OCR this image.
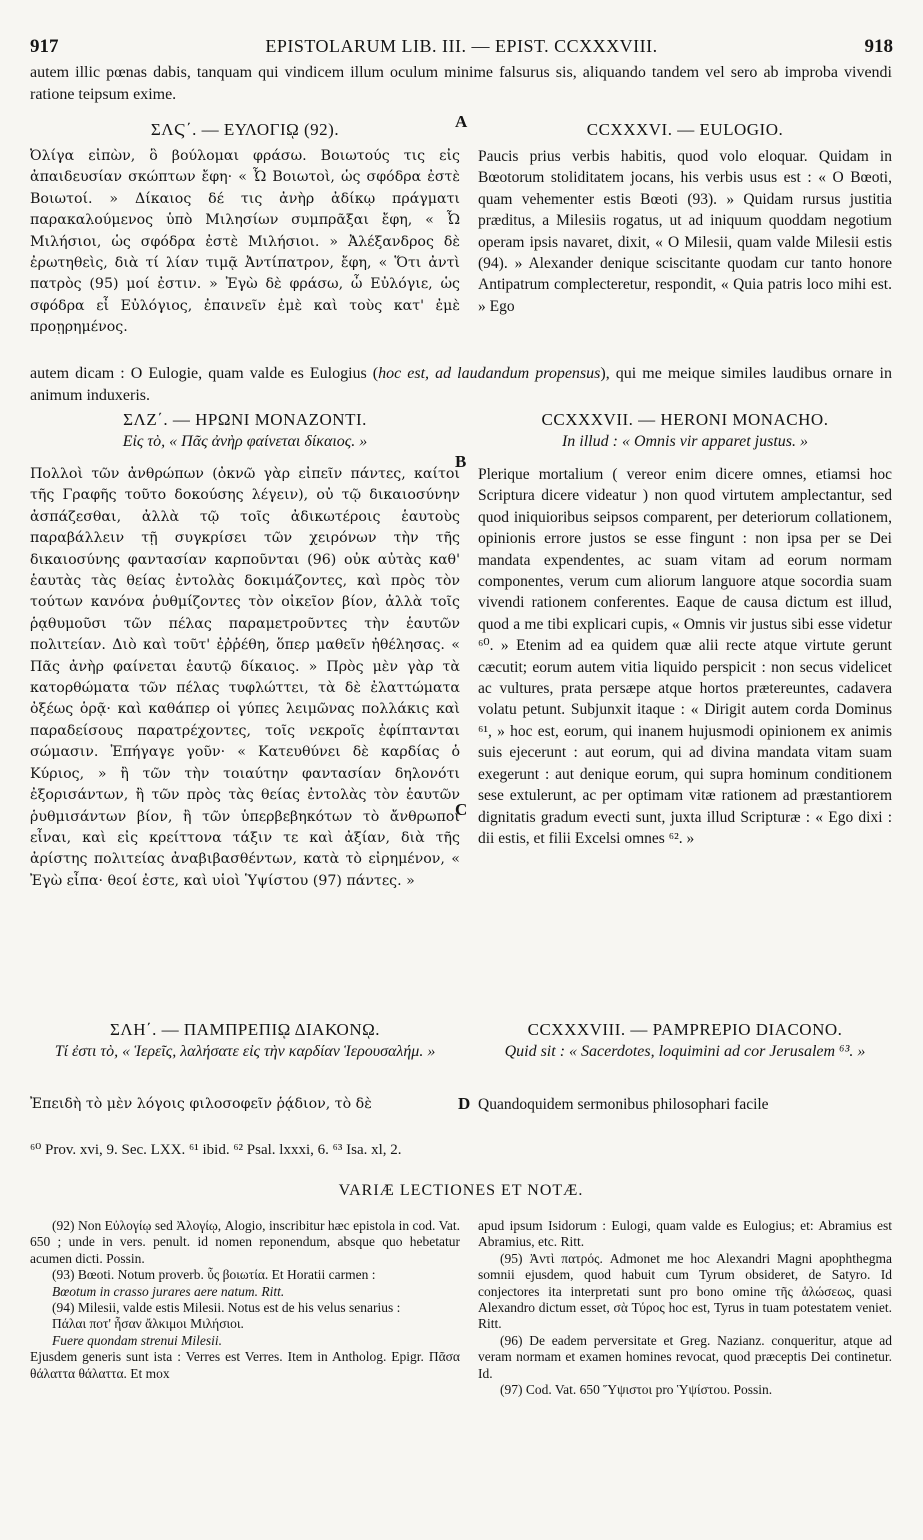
917	EPISTOLARUM LIB. III. — EPIST. CCXXXVIII.	918
autem illic pœnas dabis, tanquam qui vindicem illum oculum minime falsurus sis, aliquando tandem vel sero ab improba vivendi ratione teipsum exime.
ΣΛϚ΄. — ΕΥΛΟΓΙῼ (92).	CCXXXVI. — EULOGIO.
A
Ὀλίγα εἰπὼν, ὃ βούλομαι φράσω. Βοιωτούς τις εἰς ἀπαιδευσίαν σκώπτων ἔφη· « Ὦ Βοιωτοὶ, ὡς σφόδρα ἐστὲ Βοιωτοί. » Δίκαιος δέ τις ἀνὴρ ἀδίκῳ πράγματι παρακαλούμενος ὑπὸ Μιλησίων συμπρᾶξαι ἔφη, « Ὦ Μιλήσιοι, ὡς σφόδρα ἐστὲ Μιλήσιοι. » Ἀλέξανδρος δὲ ἐρωτηθεὶς, διὰ τί λίαν τιμᾷ Ἀντίπατρον, ἔφη, « Ὅτι ἀντὶ πατρὸς (95) μοί ἐστιν. » Ἐγὼ δὲ φράσω, ὦ Εὐλόγιε, ὡς σφόδρα εἶ Εὐλόγιος, ἐπαινεῖν ἐμὲ καὶ τοὺς κατ' ἐμὲ προῃρημένος.
Paucis prius verbis habitis, quod volo eloquar. Quidam in Bœotorum stoliditatem jocans, his verbis usus est : « O Bœoti, quam vehementer estis Bœoti (93). » Quidam rursus justitia præditus, a Milesiis rogatus, ut ad iniquum quoddam negotium operam ipsis navaret, dixit, « O Milesii, quam valde Milesii estis (94). » Alexander denique sciscitante quodam cur tanto honore Antipatrum complecteretur, respondit, « Quia patris loco mihi est. » Ego
autem dicam : O Eulogie, quam valde es Eulogius (hoc est, ad laudandum propensus), qui me meique similes laudibus ornare in animum induxeris.
ΣΛΖ΄. — ΗΡΩΝΙ ΜΟΝΑΖΟΝΤΙ.
Εἰς τὸ, « Πᾶς ἀνὴρ φαίνεται δίκαιος. »
CCXXXVII. — HERONI MONACHO.
In illud : « Omnis vir apparet justus. »
B
Πολλοὶ τῶν ἀνθρώπων (ὀκνῶ γὰρ εἰπεῖν πάντες, καίτοι τῆς Γραφῆς τοῦτο δοκούσης λέγειν), οὐ τῷ δικαιοσύνην ἀσπάζεσθαι, ἀλλὰ τῷ τοῖς ἀδικωτέροις ἑαυτοὺς παραβάλλειν τῇ συγκρίσει τῶν χειρόνων τὴν τῆς δικαιοσύνης φαντασίαν καρποῦνται (96) οὐκ αὐτὰς καθ' ἑαυτὰς τὰς θείας ἐντολὰς δοκιμάζοντες, καὶ πρὸς τὸν τούτων κανόνα ῥυθμίζοντες τὸν οἰκεῖον βίον, ἀλλὰ τοῖς ῥᾳθυμοῦσι τῶν πέλας παραμετροῦντες τὴν ἑαυτῶν πολιτείαν. Διὸ καὶ τοῦτ' ἐῤῥέθη, ὅπερ μαθεῖν ἠθέλησας. « Πᾶς ἀνὴρ φαίνεται ἑαυτῷ δίκαιος. » Πρὸς μὲν γὰρ τὰ κατορθώματα τῶν πέλας τυφλώττει, τὰ δὲ ἐλαττώματα ὀξέως ὁρᾷ· καὶ καθάπερ οἱ γύπες λειμῶνας πολλάκις καὶ παραδείσους παρατρέχοντες, τοῖς νεκροῖς ἐφίπτανται σώμασιν. Ἐπήγαγε γοῦν· « Κατευθύνει δὲ καρδίας ὁ Κύριος, » ἢ τῶν τὴν τοιαύτην φαντασίαν δηλονότι ἐξορισάντων, ἢ τῶν πρὸς τὰς θείας ἐντολὰς τὸν ἑαυτῶν ῥυθμισάντων βίον, ἢ τῶν ὑπερβεβηκότων τὸ ἄνθρωποι εἶναι, καὶ εἰς κρείττονα τάξιν τε καὶ ἀξίαν, διὰ τῆς ἀρίστης πολιτείας ἀναβιβασθέντων, κατὰ τὸ εἰρημένον, « Ἐγὼ εἶπα· θεοί ἐστε, καὶ υἱοὶ Ὑψίστου (97) πάντες. »
Plerique mortalium ( vereor enim dicere omnes, etiamsi hoc Scriptura dicere videatur ) non quod virtutem amplectantur, sed quod iniquioribus seipsos comparent, per deteriorum collationem, opinionis errore justos se esse fingunt : non ipsa per se Dei mandata expendentes, ac suam vitam ad eorum normam componentes, verum cum aliorum languore atque socordia suam vivendi rationem conferentes. Eaque de causa dictum est illud, quod a me tibi explicari cupis, « Omnis vir justus sibi esse videtur ⁶⁰. » Etenim ad ea quidem quæ alii recte atque virtute gerunt cæcutit; eorum autem vitia liquido perspicit : non secus videlicet ac vultures, prata persæpe atque hortos prætereuntes, cadavera volatu petunt. Subjunxit itaque : « Dirigit autem corda Dominus ⁶¹, » hoc est, eorum, qui inanem hujusmodi opinionem ex animis suis ejecerunt : aut eorum, qui ad divina mandata vitam suam exegerunt : aut denique eorum, qui supra hominum conditionem sese extulerunt, ac per optimam vitæ rationem ad præstantiorem dignitatis gradum evecti sunt, juxta illud Scripturæ : « Ego dixi : dii estis, et filii Excelsi omnes ⁶². »
C
ΣΛΗ΄. — ΠΑΜΠΡΕΠΙῼ ΔΙΑΚΟΝῼ.
Τί ἐστι τὸ, « Ἱερεῖς, λαλήσατε εἰς τὴν καρδίαν Ἱερουσαλήμ. »
CCXXXVIII. — PAMPREPIO DIACONO.
Quid sit : « Sacerdotes, loquimini ad cor Jerusalem ⁶³. »
Ἐπειδὴ τὸ μὲν λόγοις φιλοσοφεῖν ῥᾴδιον, τὸ δὲ	D Quandoquidem sermonibus philosophari facile
⁶⁰ Prov. xvi, 9. Sec. LXX. ⁶¹ ibid. ⁶² Psal. lxxxi, 6. ⁶³ Isa. xl, 2.
VARIÆ LECTIONES ET NOTÆ.

(92) Non Εὐλογίῳ sed Ἀλογίῳ, Alogio, inscribitur hæc epistola in cod. Vat. 650 ; unde in vers. penult. id nomen reponendum, absque quo hebetatur acumen dicti. Possin.

(93) Bœoti. Notum proverb. ὗς βοιωτία. Et Horatii carmen :

Bœotum in crasso jurares aere natum. Ritt.

(94) Milesii, valde estis Milesii. Notus est de his velus senarius :

Πάλαι ποτ' ἦσαν ἄλκιμοι Μιλήσιοι.

Fuere quondam strenui Milesii.

Ejusdem generis sunt ista : Verres est Verres. Item in Antholog. Epigr. Πᾶσα θάλαττα θάλαττα. Et mox

apud ipsum Isidorum : Eulogi, quam valde es Eulogius; et: Abramius est Abramius, etc. Ritt.

(95) Ἀντὶ πατρός. Admonet me hoc Alexandri Magni apophthegma somnii ejusdem, quod habuit cum Tyrum obsideret, de Satyro. Id conjectores ita interpretati sunt pro bono omine τῆς ἁλώσεως, quasi Alexandro dictum esset, σὰ Τύρος hoc est, Tyrus in tuam potestatem veniet. Ritt.

(96) De eadem perversitate et Greg. Nazianz. conqueritur, atque ad veram normam et examen homines revocat, quod præceptis Dei continetur. Id.

(97) Cod. Vat. 650 Ὕψιστοι pro Ὑψίστου. Possin.
